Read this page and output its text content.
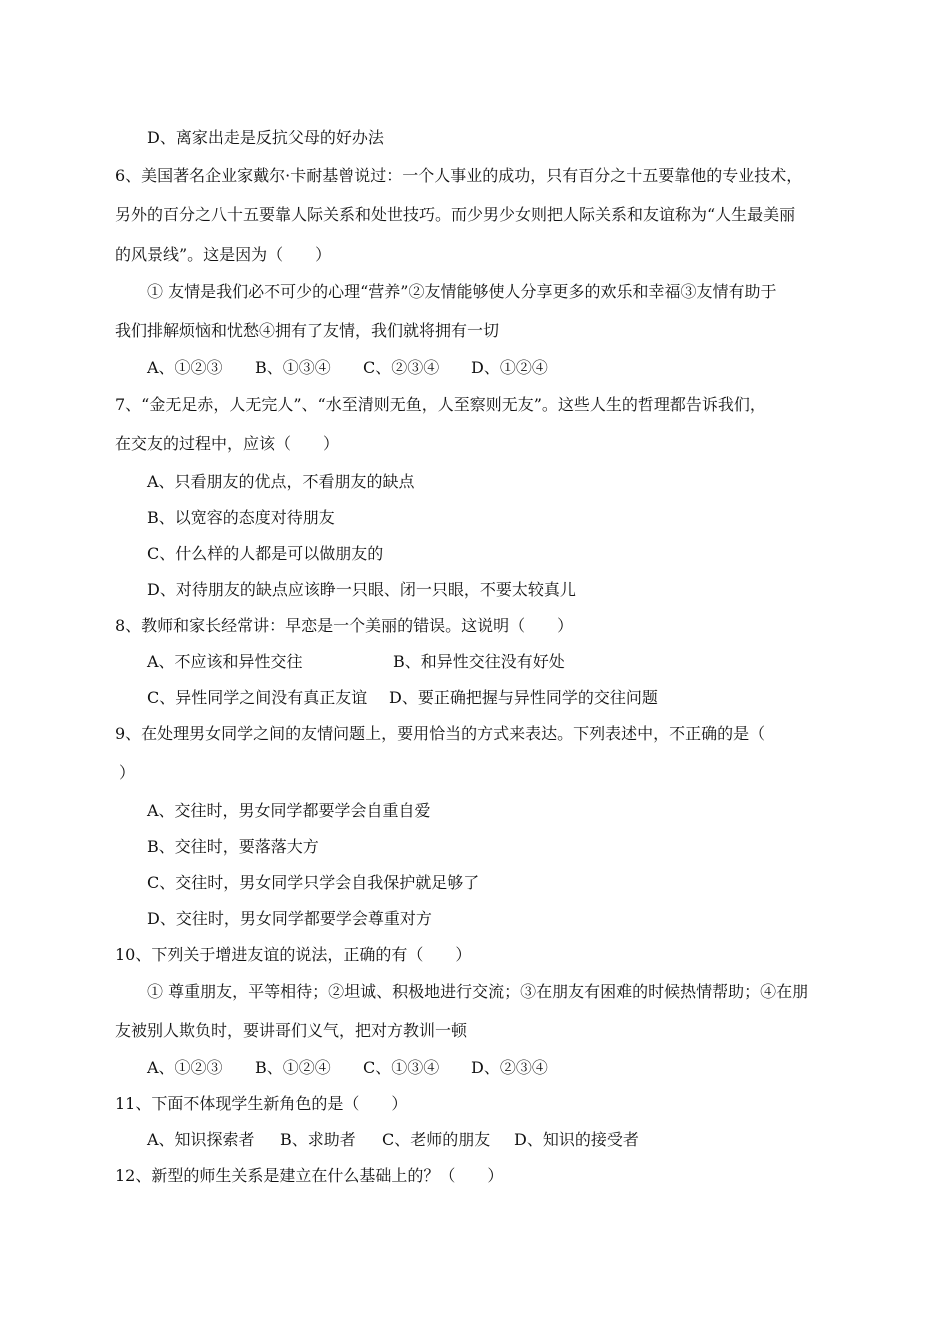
D、离家出走是反抗父母的好办法
6、美国著名企业家戴尔·卡耐基曾说过：一个人事业的成功，只有百分之十五要靠他的专业技术，
另外的百分之八十五要靠人际关系和处世技巧。而少男少女则把人际关系和友谊称为“人生最美丽
的风景线”。这是因为（　　）
① 友情是我们必不可少的心理“营养”②友情能够使人分享更多的欢乐和幸福③友情有助于
我们排解烦恼和忧愁④拥有了友情，我们就将拥有一切
A、①②③ B、①③④ C、②③④ D、①②④
7、“金无足赤，人无完人”、“水至清则无鱼，人至察则无友”。这些人生的哲理都告诉我们，
在交友的过程中，应该（　　）
A、只看朋友的优点，不看朋友的缺点
B、以宽容的态度对待朋友
C、什么样的人都是可以做朋友的
D、对待朋友的缺点应该睁一只眼、闭一只眼，不要太较真儿
8、教师和家长经常讲：早恋是一个美丽的错误。这说明（　　）
A、不应该和异性交往	B、和异性交往没有好处
C、异性同学之间没有真正友谊 D、要正确把握与异性同学的交往问题
9、在处理男女同学之间的友情问题上，要用恰当的方式来表达。下列表述中，不正确的是（
）
A、交往时，男女同学都要学会自重自爱
B、交往时，要落落大方
C、交往时，男女同学只学会自我保护就足够了
D、交往时，男女同学都要学会尊重对方
10、下列关于增进友谊的说法，正确的有（　　）
① 尊重朋友，平等相待；②坦诚、积极地进行交流；③在朋友有困难的时候热情帮助；④在朋
友被别人欺负时，要讲哥们义气，把对方教训一顿
A、①②③ B、①②④ C、①③④ D、②③④
11、下面不体现学生新角色的是（　　）
A、知识探索者 B、求助者 C、老师的朋友 D、知识的接受者
12、新型的师生关系是建立在什么基础上的？（　　）
